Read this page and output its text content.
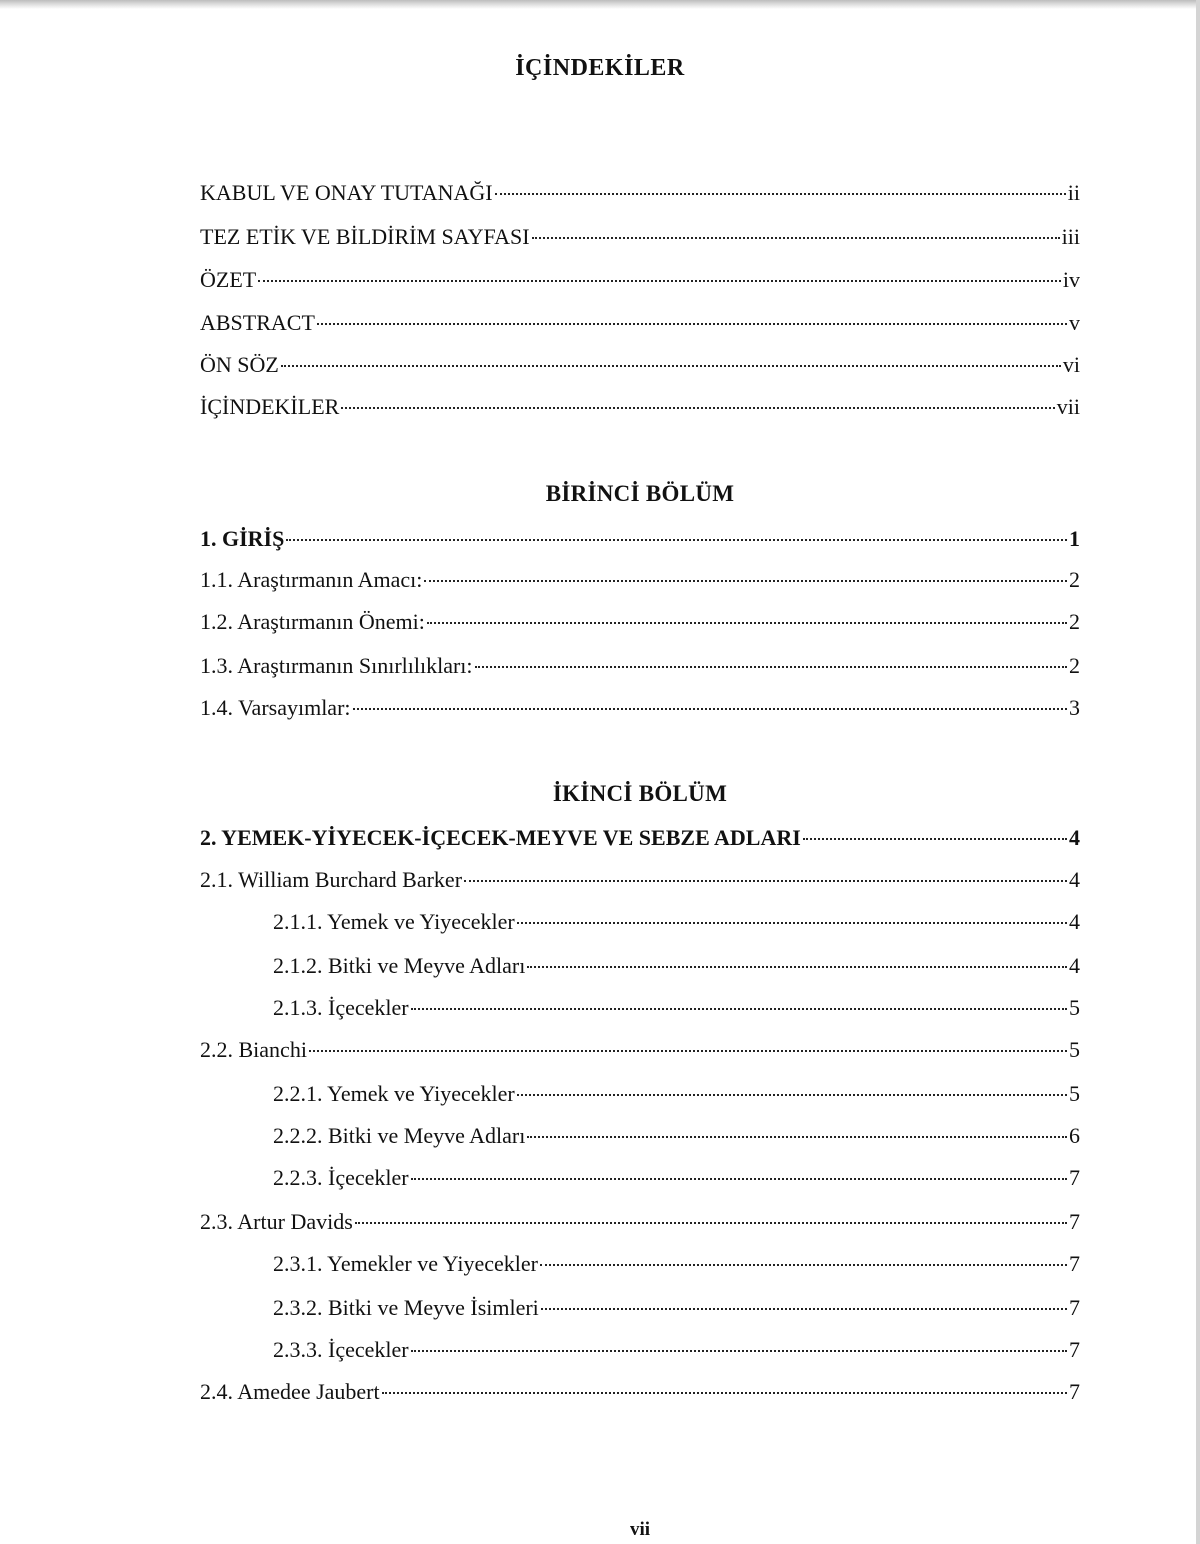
İÇİNDEKİLER
KABUL VE ONAY TUTANAĞI	ii
TEZ ETİK VE BİLDİRİM SAYFASI	iii
ÖZET	iv
ABSTRACT	v
ÖN SÖZ	vi
İÇİNDEKİLER	vii
BİRİNCİ BÖLÜM
1. GİRİŞ	1
1.1. Araştırmanın Amacı:	2
1.2. Araştırmanın Önemi:	2
1.3. Araştırmanın Sınırlılıkları:	2
1.4. Varsayımlar:	3
İKİNCİ BÖLÜM
2. YEMEK-YİYECEK-İÇECEK-MEYVE VE SEBZE ADLARI	4
2.1. William Burchard Barker	4
2.1.1. Yemek ve Yiyecekler	4
2.1.2. Bitki ve Meyve Adları	4
2.1.3. İçecekler	5
2.2. Bianchi	5
2.2.1. Yemek ve Yiyecekler	5
2.2.2. Bitki ve Meyve Adları	6
2.2.3. İçecekler	7
2.3. Artur Davids	7
2.3.1. Yemekler ve Yiyecekler	7
2.3.2. Bitki ve Meyve İsimleri	7
2.3.3. İçecekler	7
2.4. Amedee Jaubert	7
vii
